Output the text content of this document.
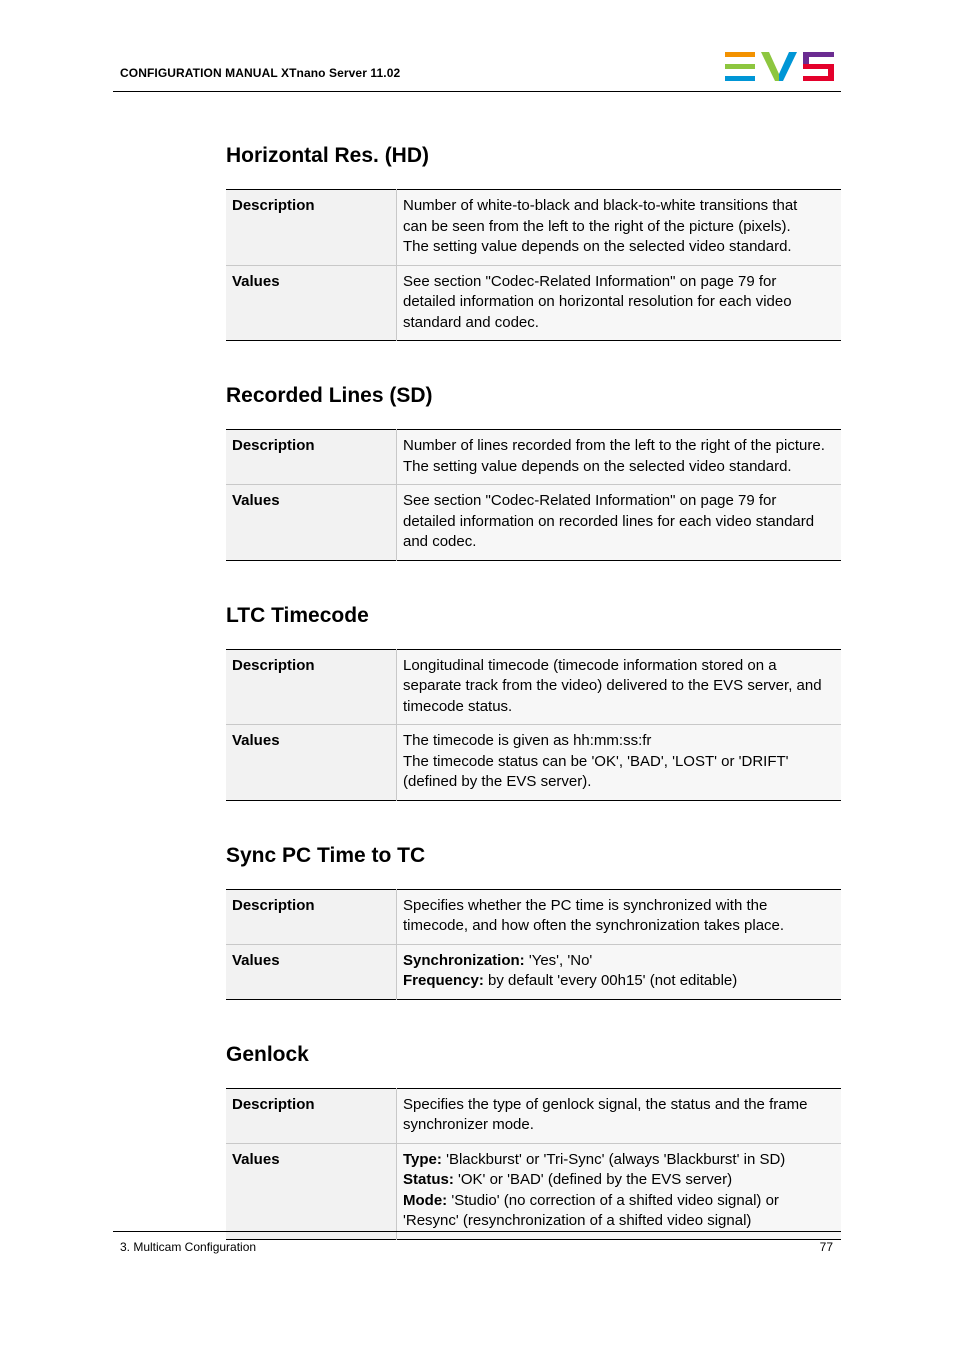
CONFIGURATION MANUAL XTnano Server 11.02
Horizontal Res. (HD)
Description	Number of white-to-black and black-to-white transitions that
can be seen from the left to the right of the picture (pixels).
The setting value depends on the selected video standard.

Values	See section "Codec-Related Information" on page 79 for
detailed information on horizontal resolution for each video
standard and codec.
Recorded Lines (SD)
Description	Number of lines recorded from the left to the right of the picture.
The setting value depends on the selected video standard.

Values	See section "Codec-Related Information" on page 79 for
detailed information on recorded lines for each video standard
and codec.
LTC Timecode
Description	Longitudinal timecode (timecode information stored on a
separate track from the video) delivered to the EVS server, and
timecode status.

Values	The timecode is given as hh:mm:ss:fr
The timecode status can be 'OK', 'BAD', 'LOST' or 'DRIFT'
(defined by the EVS server).
Sync PC Time to TC
Description	Specifies whether the PC time is synchronized with the
timecode, and how often the synchronization takes place.

Values	Synchronization: 'Yes', 'No'
Frequency: by default 'every 00h15' (not editable)
Genlock
Description	Specifies the type of genlock signal, the status and the frame
synchronizer mode.

Values	Type: 'Blackburst' or 'Tri-Sync' (always 'Blackburst' in SD)
Status: 'OK' or 'BAD' (defined by the EVS server)
Mode: 'Studio' (no correction of a shifted video signal) or
'Resync' (resynchronization of a shifted video signal)
3. Multicam Configuration	77
